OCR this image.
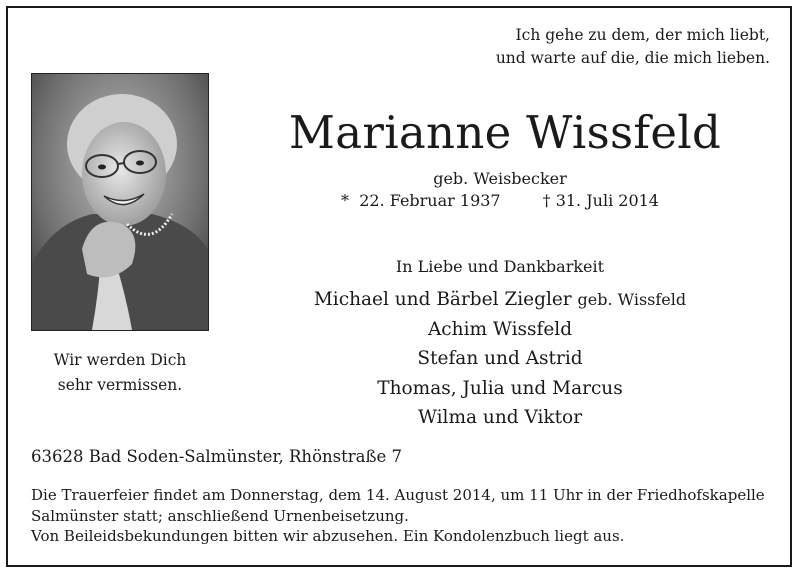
Ich gehe zu dem, der mich liebt,
und warte auf die, die mich lieben.
Wir werden Dich
sehr vermissen.
Marianne Wissfeld
geb. Weisbecker
*  22. Februar 1937	† 31. Juli 2014
In Liebe und Dankbarkeit
Michael und Bärbel Ziegler geb. Wissfeld
Achim Wissfeld
Stefan und Astrid
Thomas, Julia und Marcus
Wilma und Viktor
63628 Bad Soden-Salmünster, Rhönstraße 7
Die Trauerfeier findet am Donnerstag, dem 14. August 2014, um 11 Uhr in der Friedhofskapelle
Salmünster statt; anschließend Urnenbeisetzung.
Von Beileidsbekundungen bitten wir abzusehen. Ein Kondolenzbuch liegt aus.
